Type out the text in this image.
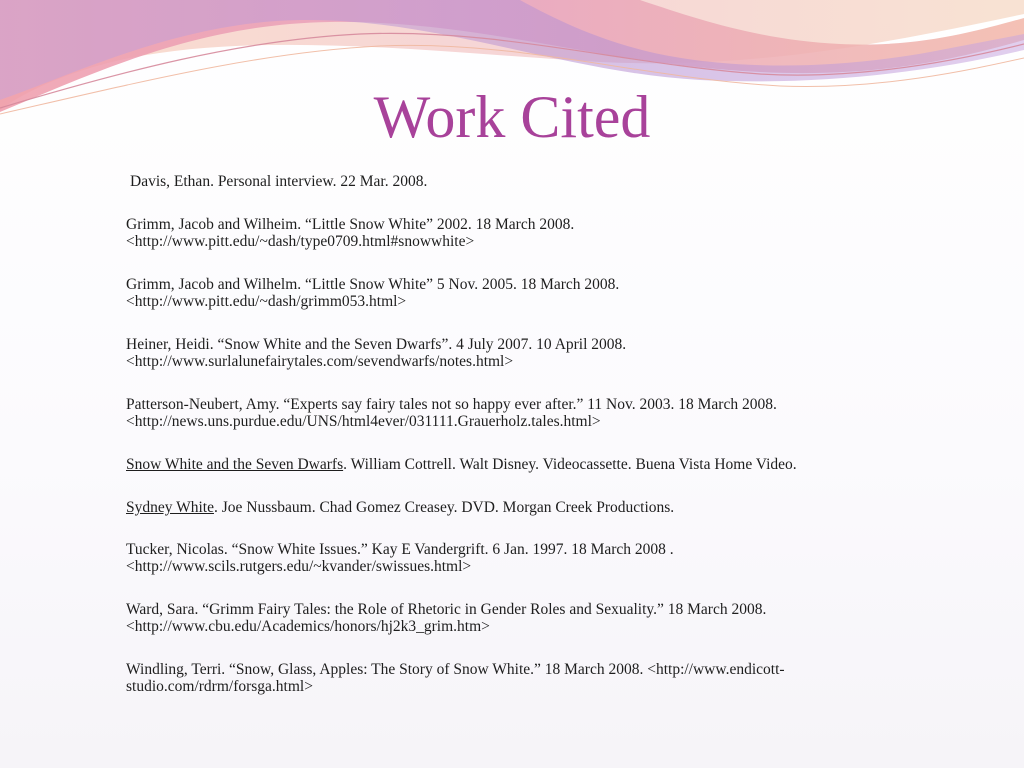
Work Cited

Davis, Ethan. Personal interview. 22 Mar. 2008.

Grimm, Jacob and Wilheim. “Little Snow White” 2002. 18 March 2008.
<http://www.pitt.edu/~dash/type0709.html#snowwhite>

Grimm, Jacob and Wilhelm. “Little Snow White” 5 Nov. 2005. 18 March 2008.
<http://www.pitt.edu/~dash/grimm053.html>

Heiner, Heidi. “Snow White and the Seven Dwarfs”. 4 July 2007. 10 April 2008.
<http://www.surlalunefairytales.com/sevendwarfs/notes.html>

Patterson-Neubert, Amy. “Experts say fairy tales not so happy ever after.” 11 Nov. 2003. 18 March 2008.
<http://news.uns.purdue.edu/UNS/html4ever/031111.Grauerholz.tales.html>

Snow White and the Seven Dwarfs. William Cottrell. Walt Disney. Videocassette. Buena Vista Home Video.

Sydney White. Joe Nussbaum. Chad Gomez Creasey. DVD. Morgan Creek Productions.

Tucker, Nicolas. “Snow White Issues.” Kay E Vandergrift. 6 Jan. 1997. 18 March 2008 .
<http://www.scils.rutgers.edu/~kvander/swissues.html>

Ward, Sara. “Grimm Fairy Tales: the Role of Rhetoric in Gender Roles and Sexuality.” 18 March 2008.
<http://www.cbu.edu/Academics/honors/hj2k3_grim.htm>

Windling, Terri. “Snow, Glass, Apples: The Story of Snow White.” 18 March 2008. <http://www.endicott-
studio.com/rdrm/forsga.html>
